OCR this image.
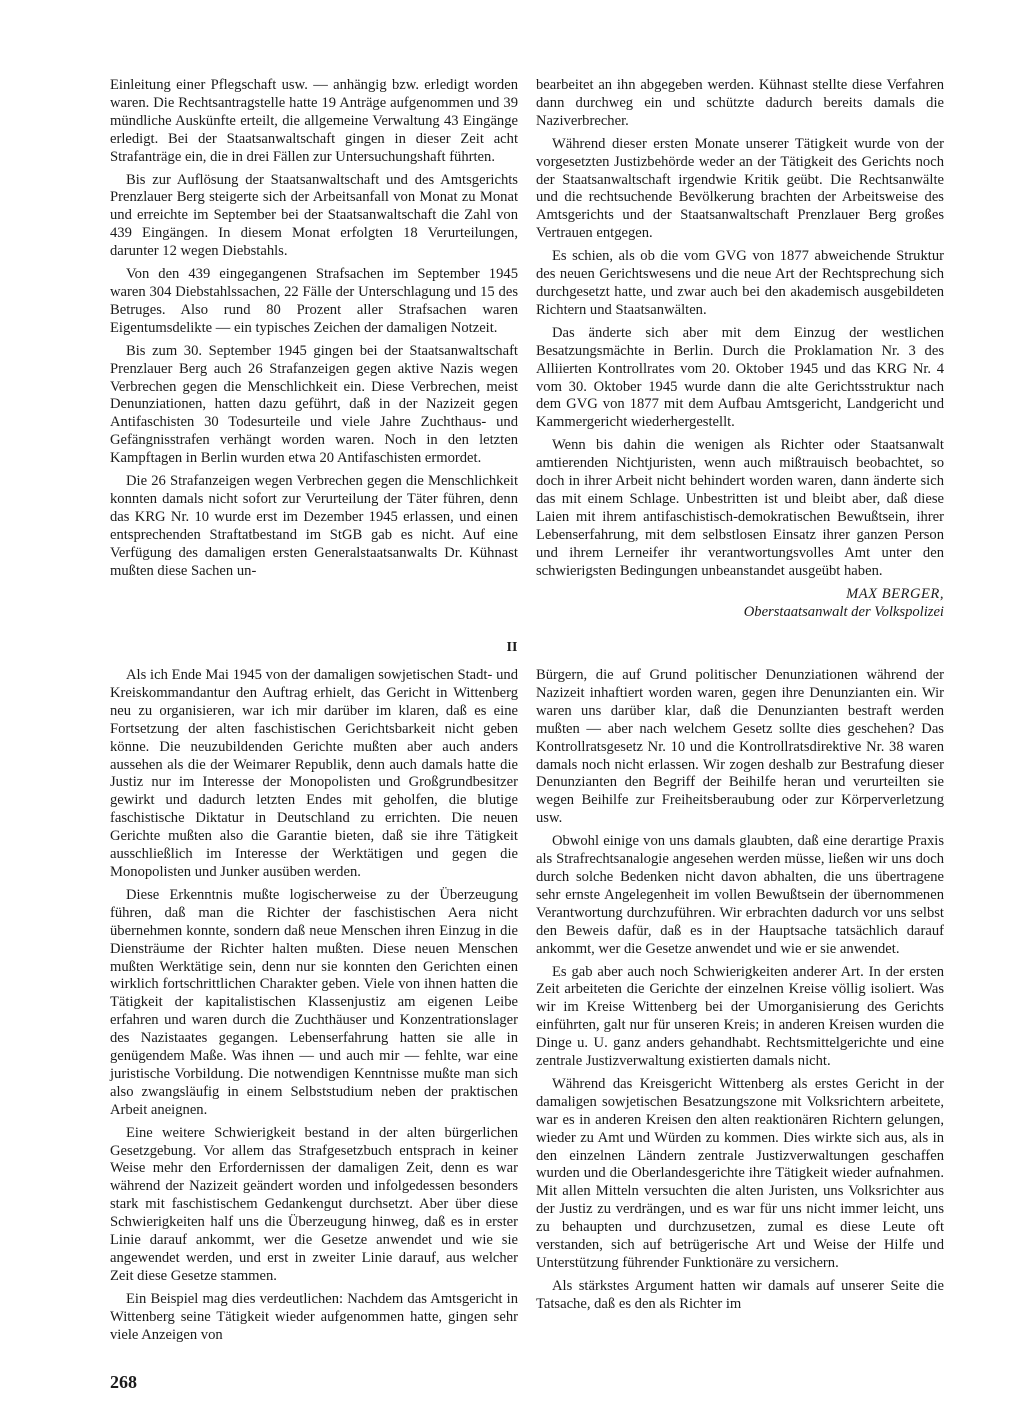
Einleitung einer Pflegschaft usw. — anhängig bzw. erledigt worden waren. Die Rechtsantragstelle hatte 19 Anträge aufgenommen und 39 mündliche Auskünfte erteilt, die allgemeine Verwaltung 43 Eingänge erledigt. Bei der Staatsanwaltschaft gingen in dieser Zeit acht Strafanträge ein, die in drei Fällen zur Untersuchungshaft führten.

Bis zur Auflösung der Staatsanwaltschaft und des Amtsgerichts Prenzlauer Berg steigerte sich der Arbeitsanfall von Monat zu Monat und erreichte im September bei der Staatsanwaltschaft die Zahl von 439 Eingängen. In diesem Monat erfolgten 18 Verurteilungen, darunter 12 wegen Diebstahls.

Von den 439 eingegangenen Strafsachen im September 1945 waren 304 Diebstahlssachen, 22 Fälle der Unterschlagung und 15 des Betruges. Also rund 80 Prozent aller Strafsachen waren Eigentumsdelikte — ein typisches Zeichen der damaligen Notzeit.

Bis zum 30. September 1945 gingen bei der Staatsanwaltschaft Prenzlauer Berg auch 26 Strafanzeigen gegen aktive Nazis wegen Verbrechen gegen die Menschlichkeit ein. Diese Verbrechen, meist Denunziationen, hatten dazu geführt, daß in der Nazizeit gegen Antifaschisten 30 Todesurteile und viele Jahre Zuchthaus- und Gefängnisstrafen verhängt worden waren. Noch in den letzten Kampftagen in Berlin wurden etwa 20 Antifaschisten ermordet.

Die 26 Strafanzeigen wegen Verbrechen gegen die Menschlichkeit konnten damals nicht sofort zur Verurteilung der Täter führen, denn das KRG Nr. 10 wurde erst im Dezember 1945 erlassen, und einen entsprechenden Straftatbestand im StGB gab es nicht. Auf eine Verfügung des damaligen ersten Generalstaatsanwalts Dr. Kühnast mußten diese Sachen un-

bearbeitet an ihn abgegeben werden. Kühnast stellte diese Verfahren dann durchweg ein und schützte dadurch bereits damals die Naziverbrecher.

Während dieser ersten Monate unserer Tätigkeit wurde von der vorgesetzten Justizbehörde weder an der Tätigkeit des Gerichts noch der Staatsanwaltschaft irgendwie Kritik geübt. Die Rechtsanwälte und die rechtsuchende Bevölkerung brachten der Arbeitsweise des Amtsgerichts und der Staatsanwaltschaft Prenzlauer Berg großes Vertrauen entgegen.

Es schien, als ob die vom GVG von 1877 abweichende Struktur des neuen Gerichtswesens und die neue Art der Rechtsprechung sich durchgesetzt hatte, und zwar auch bei den akademisch ausgebildeten Richtern und Staatsanwälten.

Das änderte sich aber mit dem Einzug der westlichen Besatzungsmächte in Berlin. Durch die Proklamation Nr. 3 des Alliierten Kontrollrates vom 20. Oktober 1945 und das KRG Nr. 4 vom 30. Oktober 1945 wurde dann die alte Gerichtsstruktur nach dem GVG von 1877 mit dem Aufbau Amtsgericht, Landgericht und Kammergericht wiederhergestellt.

Wenn bis dahin die wenigen als Richter oder Staatsanwalt amtierenden Nichtjuristen, wenn auch mißtrauisch beobachtet, so doch in ihrer Arbeit nicht behindert worden waren, dann änderte sich das mit einem Schlage. Unbestritten ist und bleibt aber, daß diese Laien mit ihrem antifaschistisch-demokratischen Bewußtsein, ihrer Lebenserfahrung, mit dem selbstlosen Einsatz ihrer ganzen Person und ihrem Lerneifer ihr verantwortungsvolles Amt unter den schwierigsten Bedingungen unbeanstandet ausgeübt haben.

MAX BERGER,
Oberstaatsanwalt der Volkspolizei
II

Als ich Ende Mai 1945 von der damaligen sowjetischen Stadt- und Kreiskommandantur den Auftrag erhielt, das Gericht in Wittenberg neu zu organisieren, war ich mir darüber im klaren, daß es eine Fortsetzung der alten faschistischen Gerichtsbarkeit nicht geben könne. Die neuzubildenden Gerichte mußten aber auch anders aussehen als die der Weimarer Republik, denn auch damals hatte die Justiz nur im Interesse der Monopolisten und Großgrundbesitzer gewirkt und dadurch letzten Endes mit geholfen, die blutige faschistische Diktatur in Deutschland zu errichten. Die neuen Gerichte mußten also die Garantie bieten, daß sie ihre Tätigkeit ausschließlich im Interesse der Werktätigen und gegen die Monopolisten und Junker ausüben werden.

Diese Erkenntnis mußte logischerweise zu der Überzeugung führen, daß man die Richter der faschistischen Aera nicht übernehmen konnte, sondern daß neue Menschen ihren Einzug in die Diensträume der Richter halten mußten. Diese neuen Menschen mußten Werktätige sein, denn nur sie konnten den Gerichten einen wirklich fortschrittlichen Charakter geben. Viele von ihnen hatten die Tätigkeit der kapitalistischen Klassenjustiz am eigenen Leibe erfahren und waren durch die Zuchthäuser und Konzentrationslager des Nazistaates gegangen. Lebenserfahrung hatten sie alle in genügendem Maße. Was ihnen — und auch mir — fehlte, war eine juristische Vorbildung. Die notwendigen Kenntnisse mußte man sich also zwangsläufig in einem Selbststudium neben der praktischen Arbeit aneignen.

Eine weitere Schwierigkeit bestand in der alten bürgerlichen Gesetzgebung. Vor allem das Strafgesetzbuch entsprach in keiner Weise mehr den Erfordernissen der damaligen Zeit, denn es war während der Nazizeit geändert worden und infolgedessen besonders stark mit faschistischem Gedankengut durchsetzt. Aber über diese Schwierigkeiten half uns die Überzeugung hinweg, daß es in erster Linie darauf ankommt, wer die Gesetze anwendet und wie sie angewendet werden, und erst in zweiter Linie darauf, aus welcher Zeit diese Gesetze stammen.

Ein Beispiel mag dies verdeutlichen: Nachdem das Amtsgericht in Wittenberg seine Tätigkeit wieder aufgenommen hatte, gingen sehr viele Anzeigen von

Bürgern, die auf Grund politischer Denunziationen während der Nazizeit inhaftiert worden waren, gegen ihre Denunzianten ein. Wir waren uns darüber klar, daß die Denunzianten bestraft werden mußten — aber nach welchem Gesetz sollte dies geschehen? Das Kontrollratsgesetz Nr. 10 und die Kontrollratsdirektive Nr. 38 waren damals noch nicht erlassen. Wir zogen deshalb zur Bestrafung dieser Denunzianten den Begriff der Beihilfe heran und verurteilten sie wegen Beihilfe zur Freiheitsberaubung oder zur Körperverletzung usw.

Obwohl einige von uns damals glaubten, daß eine derartige Praxis als Strafrechtsanalogie angesehen werden müsse, ließen wir uns doch durch solche Bedenken nicht davon abhalten, die uns übertragene sehr ernste Angelegenheit im vollen Bewußtsein der übernommenen Verantwortung durchzuführen. Wir erbrachten dadurch vor uns selbst den Beweis dafür, daß es in der Hauptsache tatsächlich darauf ankommt, wer die Gesetze anwendet und wie er sie anwendet.

Es gab aber auch noch Schwierigkeiten anderer Art. In der ersten Zeit arbeiteten die Gerichte der einzelnen Kreise völlig isoliert. Was wir im Kreise Wittenberg bei der Umorganisierung des Gerichts einführten, galt nur für unseren Kreis; in anderen Kreisen wurden die Dinge u. U. ganz anders gehandhabt. Rechtsmittelgerichte und eine zentrale Justizverwaltung existierten damals nicht.

Während das Kreisgericht Wittenberg als erstes Gericht in der damaligen sowjetischen Besatzungszone mit Volksrichtern arbeitete, war es in anderen Kreisen den alten reaktionären Richtern gelungen, wieder zu Amt und Würden zu kommen. Dies wirkte sich aus, als in den einzelnen Ländern zentrale Justizverwaltungen geschaffen wurden und die Oberlandesgerichte ihre Tätigkeit wieder aufnahmen. Mit allen Mitteln versuchten die alten Juristen, uns Volksrichter aus der Justiz zu verdrängen, und es war für uns nicht immer leicht, uns zu behaupten und durchzusetzen, zumal es diese Leute oft verstanden, sich auf betrügerische Art und Weise der Hilfe und Unterstützung führender Funktionäre zu versichern.

Als stärkstes Argument hatten wir damals auf unserer Seite die Tatsache, daß es den als Richter im

268
